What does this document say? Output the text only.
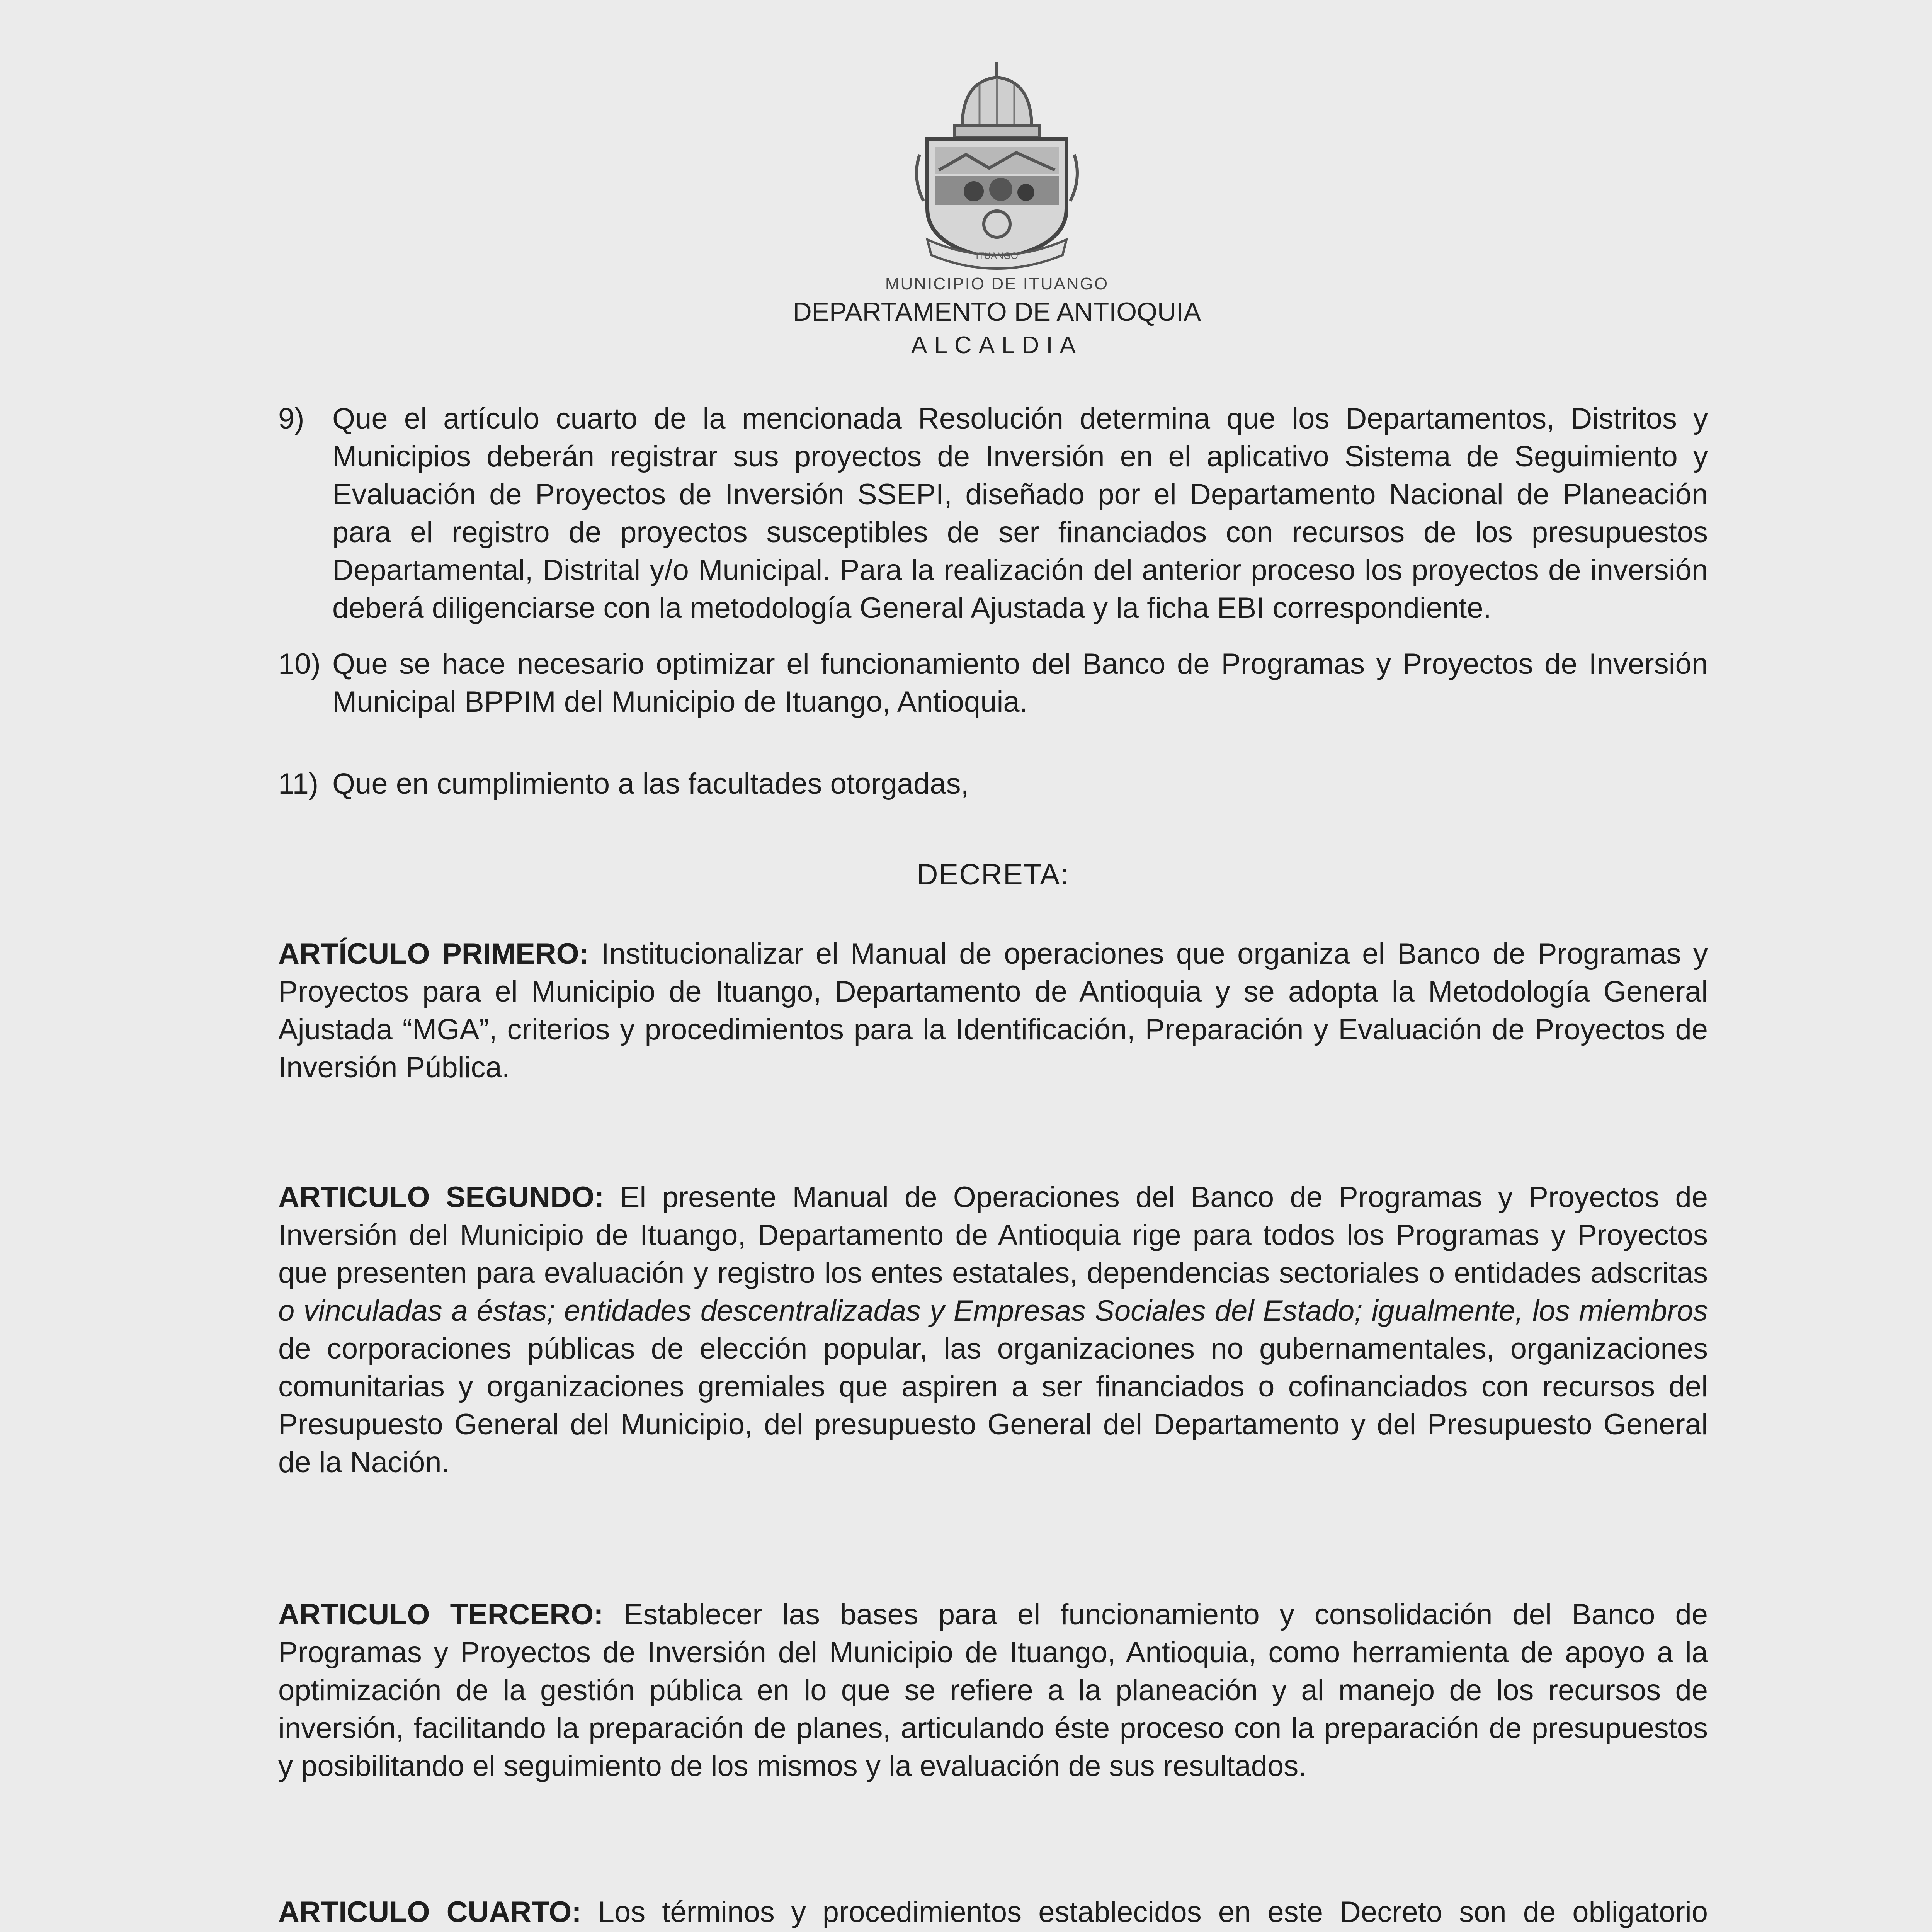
ITUANGO
MUNICIPIO DE ITUANGO
DEPARTAMENTO DE ANTIOQUIA
ALCALDIA
9) Que el artículo cuarto de la mencionada Resolución determina que los Departamentos, Distritos y Municipios deberán registrar sus proyectos de Inversión en el aplicativo Sistema de Seguimiento y Evaluación de Proyectos de Inversión SSEPI, diseñado por el Departamento Nacional de Planeación para el registro de proyectos susceptibles de ser financiados con recursos de los presupuestos Departamental, Distrital y/o Municipal. Para la realización del anterior proceso los proyectos de inversión deberá diligenciarse con la metodología General Ajustada y la ficha EBI correspondiente.
10) Que se hace necesario optimizar el funcionamiento del Banco de Programas y Proyectos de Inversión Municipal BPPIM del Municipio de Ituango, Antioquia.
11) Que en cumplimiento a las facultades otorgadas,
DECRETA:
ARTÍCULO PRIMERO: Institucionalizar el Manual de operaciones que organiza el Banco de Programas y Proyectos para el Municipio de Ituango, Departamento de Antioquia y se adopta la Metodología General Ajustada “MGA”, criterios y procedimientos para la Identificación, Preparación y Evaluación de Proyectos de Inversión Pública.
ARTICULO SEGUNDO: El presente Manual de Operaciones del Banco de Programas y Proyectos de Inversión del Municipio de Ituango, Departamento de Antioquia rige para todos los Programas y Proyectos que presenten para evaluación y registro los entes estatales, dependencias sectoriales o entidades adscritas o vinculadas a éstas; entidades descentralizadas y Empresas Sociales del Estado; igualmente, los miembros de corporaciones públicas de elección popular, las organizaciones no gubernamentales, organizaciones comunitarias y organizaciones gremiales que aspiren a ser financiados o cofinanciados con recursos del Presupuesto General del Municipio, del presupuesto General del Departamento y del Presupuesto General de la Nación.
ARTICULO TERCERO: Establecer las bases para el funcionamiento y consolidación del Banco de Programas y Proyectos de Inversión del Municipio de Ituango, Antioquia, como herramienta de apoyo a la optimización de la gestión pública en lo que se refiere a la planeación y al manejo de los recursos de inversión, facilitando la preparación de planes, articulando éste proceso con la preparación de presupuestos y posibilitando el seguimiento de los mismos y la evaluación de sus resultados.
ARTICULO CUARTO: Los términos y procedimientos establecidos en este Decreto son de obligatorio
